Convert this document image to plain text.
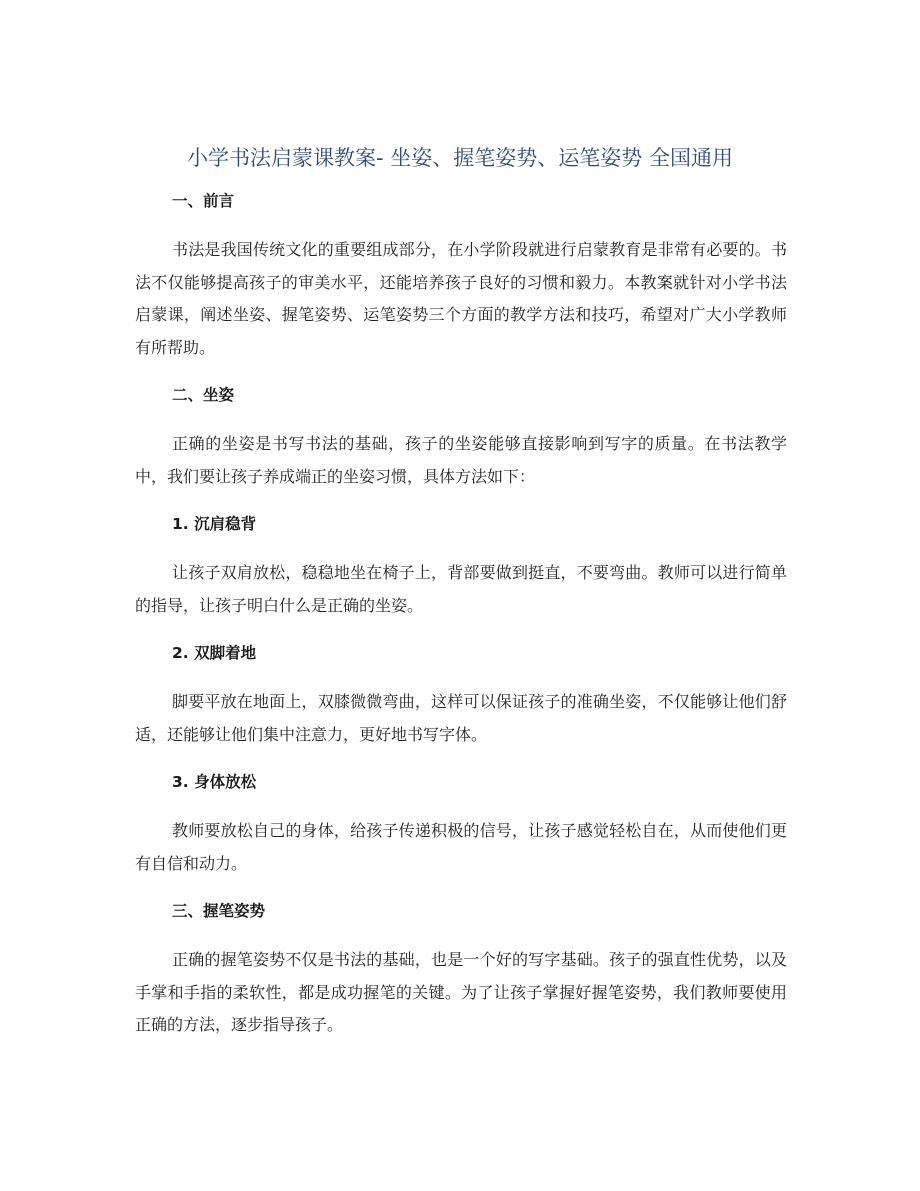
小学书法启蒙课教案- 坐姿、握笔姿势、运笔姿势 全国通用
一、前言

书法是我国传统文化的重要组成部分，在小学阶段就进行启蒙教育是非常有必要的。书法不仅能够提高孩子的审美水平，还能培养孩子良好的习惯和毅力。本教案就针对小学书法启蒙课，阐述坐姿、握笔姿势、运笔姿势三个方面的教学方法和技巧，希望对广大小学教师有所帮助。

二、坐姿

正确的坐姿是书写书法的基础，孩子的坐姿能够直接影响到写字的质量。在书法教学中，我们要让孩子养成端正的坐姿习惯，具体方法如下：

1. 沉肩稳背

让孩子双肩放松，稳稳地坐在椅子上，背部要做到挺直，不要弯曲。教师可以进行简单的指导，让孩子明白什么是正确的坐姿。

2. 双脚着地

脚要平放在地面上，双膝微微弯曲，这样可以保证孩子的准确坐姿，不仅能够让他们舒适，还能够让他们集中注意力，更好地书写字体。

3. 身体放松

教师要放松自己的身体，给孩子传递积极的信号，让孩子感觉轻松自在，从而使他们更有自信和动力。

三、握笔姿势

正确的握笔姿势不仅是书法的基础，也是一个好的写字基础。孩子的强直性优势，以及手掌和手指的柔软性，都是成功握笔的关键。为了让孩子掌握好握笔姿势，我们教师要使用正确的方法，逐步指导孩子。
